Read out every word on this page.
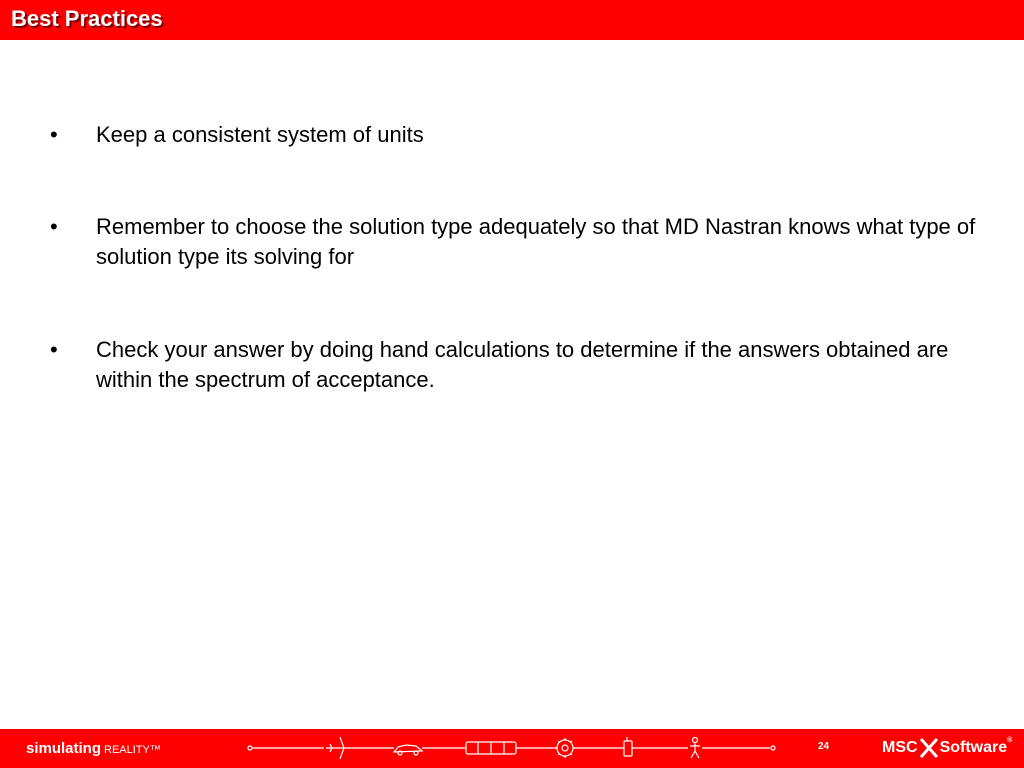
Best Practices
• Keep a consistent system of units
• Remember to choose the solution type adequately so that MD Nastran knows what type of solution type its solving for
• Check your answer by doing hand calculations to determine if the answers obtained are within the spectrum of acceptance.
simulating REALITY™	24	MSC Software®
